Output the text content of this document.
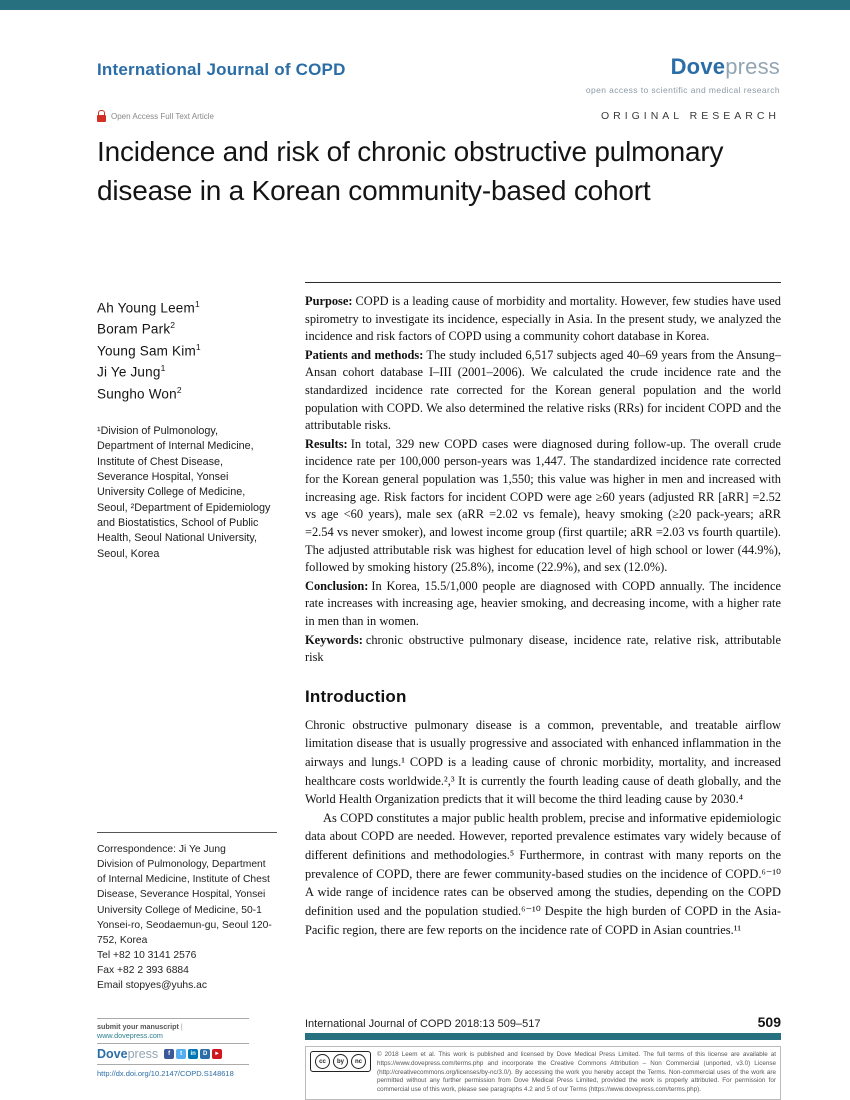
International Journal of COPD	Dovepress
open access to scientific and medical research
Open Access Full Text Article	ORIGINAL RESEARCH
Incidence and risk of chronic obstructive pulmonary disease in a Korean community-based cohort
Ah Young Leem$^1$
Boram Park$^2$
Young Sam Kim$^1$
Ji Ye Jung$^1$
Sungho Won$^2$
¹Division of Pulmonology, Department of Internal Medicine, Institute of Chest Disease, Severance Hospital, Yonsei University College of Medicine, Seoul, ²Department of Epidemiology and Biostatistics, School of Public Health, Seoul National University, Seoul, Korea
Correspondence: Ji Ye Jung
Division of Pulmonology, Department of Internal Medicine, Institute of Chest Disease, Severance Hospital, Yonsei University College of Medicine, 50-1 Yonsei-ro, Seodaemun-gu, Seoul 120-752, Korea
Tel +82 10 3141 2576
Fax +82 2 393 6884
Email stopyes@yuhs.ac

Purpose: COPD is a leading cause of morbidity and mortality. However, few studies have used spirometry to investigate its incidence, especially in Asia. In the present study, we analyzed the incidence and risk factors of COPD using a community cohort database in Korea.

Patients and methods: The study included 6,517 subjects aged 40–69 years from the Ansung–Ansan cohort database I–III (2001–2006). We calculated the crude incidence rate and the standardized incidence rate corrected for the Korean general population and the world population with COPD. We also determined the relative risks (RRs) for incident COPD and the attributable risks.

Results: In total, 329 new COPD cases were diagnosed during follow-up. The overall crude incidence rate per 100,000 person-years was 1,447. The standardized incidence rate corrected for the Korean general population was 1,550; this value was higher in men and increased with increasing age. Risk factors for incident COPD were age ≥60 years (adjusted RR [aRR] =2.52 vs age <60 years), male sex (aRR =2.02 vs female), heavy smoking (≥20 pack-years; aRR =2.54 vs never smoker), and lowest income group (first quartile; aRR =2.03 vs fourth quartile). The adjusted attributable risk was highest for education level of high school or lower (44.9%), followed by smoking history (25.8%), income (22.9%), and sex (12.0%).

Conclusion: In Korea, 15.5/1,000 people are diagnosed with COPD annually. The incidence rate increases with increasing age, heavier smoking, and decreasing income, with a higher rate in men than in women.

Keywords: chronic obstructive pulmonary disease, incidence rate, relative risk, attributable risk

Introduction

Chronic obstructive pulmonary disease is a common, preventable, and treatable airflow limitation disease that is usually progressive and associated with enhanced inflammation in the airways and lungs.¹ COPD is a leading cause of chronic morbidity, mortality, and increased healthcare costs worldwide.²,³ It is currently the fourth leading cause of death globally, and the World Health Organization predicts that it will become the third leading cause by 2030.⁴

As COPD constitutes a major public health problem, precise and informative epidemiologic data about COPD are needed. However, reported prevalence estimates vary widely because of different definitions and methodologies.⁵ Furthermore, in contrast with many reports on the prevalence of COPD, there are fewer community-based studies on the incidence of COPD.⁶⁻¹⁰ A wide range of incidence rates can be observed among the studies, depending on the COPD definition used and the population studied.⁶⁻¹⁰ Despite the high burden of COPD in the Asia-Pacific region, there are few reports on the incidence rate of COPD in Asian countries.¹¹

submit your manuscript | www.dovepress.com
Dovepress	f	t	in	D	►
http://dx.doi.org/10.2147/COPD.S148618
International Journal of COPD 2018:13 509–517	509
cc	by	nc
© 2018 Leem et al. This work is published and licensed by Dove Medical Press Limited. The full terms of this license are available at https://www.dovepress.com/terms.php and incorporate the Creative Commons Attribution – Non Commercial (unported, v3.0) License (http://creativecommons.org/licenses/by-nc/3.0/). By accessing the work you hereby accept the Terms. Non-commercial uses of the work are permitted without any further permission from Dove Medical Press Limited, provided the work is properly attributed. For permission for commercial use of this work, please see paragraphs 4.2 and 5 of our Terms (https://www.dovepress.com/terms.php).
